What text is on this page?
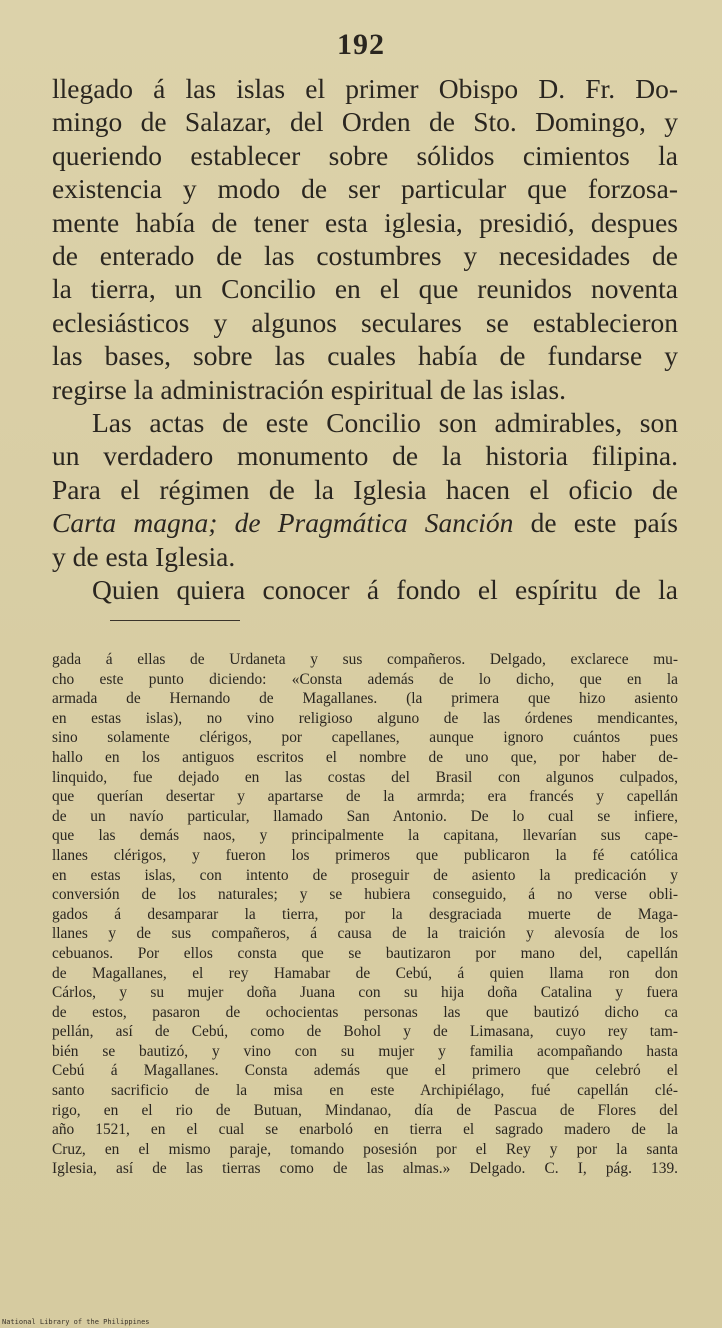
192

llegado á las islas el primer Obispo D. Fr. Do-

mingo de Salazar, del Orden de Sto. Domingo, y

queriendo establecer sobre sólidos cimientos la

existencia y modo de ser particular que forzosa-

mente había de tener esta iglesia, presidió, despues

de enterado de las costumbres y necesidades de

la tierra, un Concilio en el que reunidos noventa

eclesiásticos y algunos seculares se establecieron

las bases, sobre las cuales había de fundarse y

regirse la administración espiritual de las islas.

Las actas de este Concilio son admirables, son

un verdadero monumento de la historia filipina.

Para el régimen de la Iglesia hacen el oficio de

Carta magna; de Pragmática Sanción de este país

y de esta Iglesia.

Quien quiera conocer á fondo el espíritu de la

gada á ellas de Urdaneta y sus compañeros. Delgado, exclarece mu-

cho este punto diciendo: «Consta además de lo dicho, que en la

armada de Hernando de Magallanes. (la primera que hizo asiento

en estas islas), no vino religioso alguno de las órdenes mendicantes,

sino solamente clérigos, por capellanes, aunque ignoro cuántos pues

hallo en los antiguos escritos el nombre de uno que, por haber de-

linquido, fue dejado en las costas del Brasil con algunos culpados,

que querían desertar y apartarse de la armrda; era francés y capellán

de un navío particular, llamado San Antonio. De lo cual se infiere,

que las demás naos, y principalmente la capitana, llevarían sus cape-

llanes clérigos, y fueron los primeros que publicaron la fé católica

en estas islas, con intento de proseguir de asiento la predicación y

conversión de los naturales; y se hubiera conseguido, á no verse obli-

gados á desamparar la tierra, por la desgraciada muerte de Maga-

llanes y de sus compañeros, á causa de la traición y alevosía de los

cebuanos. Por ellos consta que se bautizaron por mano del, capellán

de Magallanes, el rey Hamabar de Cebú, á quien llama ron don

Cárlos, y su mujer doña Juana con su hija doña Catalina y fuera

de estos, pasaron de ochocientas personas las que bautizó dicho ca

pellán, así de Cebú, como de Bohol y de Limasana, cuyo rey tam-

bién se bautizó, y vino con su mujer y familia acompañando hasta

Cebú á Magallanes. Consta además que el primero que celebró el

santo sacrificio de la misa en este Archipiélago, fué capellán clé-

rigo, en el rio de Butuan, Mindanao, día de Pascua de Flores del

año 1521, en el cual se enarboló en tierra el sagrado madero de la

Cruz, en el mismo paraje, tomando posesión por el Rey y por la santa

Iglesia, así de las tierras como de las almas.» Delgado. C. I, pág. 139.

National Library of the Philippines
